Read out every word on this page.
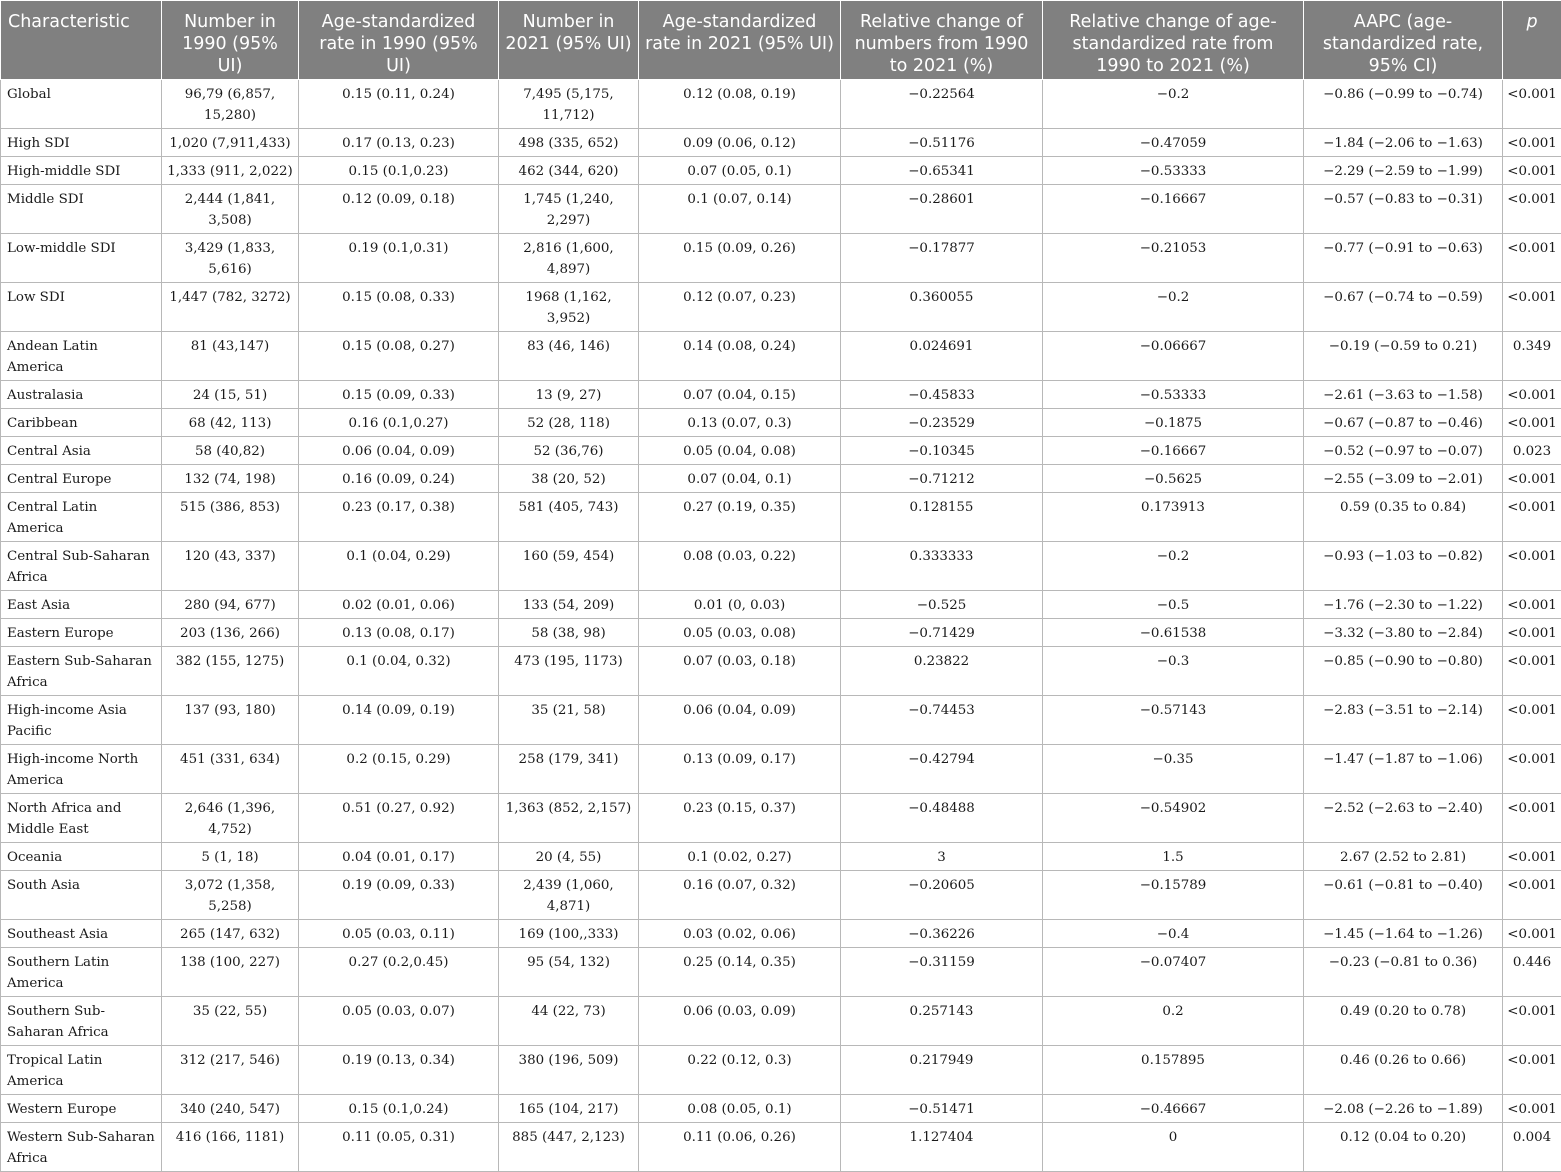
Characteristic	Number in 1990 (95% UI)	Age-standardized rate in 1990 (95% UI)	Number in 2021 (95% UI)	Age-standardized rate in 2021 (95% UI)	Relative change of numbers from 1990 to 2021 (%)	Relative change of age-standardized rate from 1990 to 2021 (%)	AAPC (age-standardized rate, 95% CI)	p
Global	96,79 (6,857, 15,280)	0.15 (0.11, 0.24)	7,495 (5,175, 11,712)	0.12 (0.08, 0.19)	−0.22564	−0.2	−0.86 (−0.99 to −0.74)	<0.001
High SDI	1,020 (7,911,433)	0.17 (0.13, 0.23)	498 (335, 652)	0.09 (0.06, 0.12)	−0.51176	−0.47059	−1.84 (−2.06 to −1.63)	<0.001
High-middle SDI	1,333 (911, 2,022)	0.15 (0.1,0.23)	462 (344, 620)	0.07 (0.05, 0.1)	−0.65341	−0.53333	−2.29 (−2.59 to −1.99)	<0.001
Middle SDI	2,444 (1,841, 3,508)	0.12 (0.09, 0.18)	1,745 (1,240, 2,297)	0.1 (0.07, 0.14)	−0.28601	−0.16667	−0.57 (−0.83 to −0.31)	<0.001
Low-middle SDI	3,429 (1,833, 5,616)	0.19 (0.1,0.31)	2,816 (1,600, 4,897)	0.15 (0.09, 0.26)	−0.17877	−0.21053	−0.77 (−0.91 to −0.63)	<0.001
Low SDI	1,447 (782, 3272)	0.15 (0.08, 0.33)	1968 (1,162, 3,952)	0.12 (0.07, 0.23)	0.360055	−0.2	−0.67 (−0.74 to −0.59)	<0.001
Andean Latin America	81 (43,147)	0.15 (0.08, 0.27)	83 (46, 146)	0.14 (0.08, 0.24)	0.024691	−0.06667	−0.19 (−0.59 to 0.21)	0.349
Australasia	24 (15, 51)	0.15 (0.09, 0.33)	13 (9, 27)	0.07 (0.04, 0.15)	−0.45833	−0.53333	−2.61 (−3.63 to −1.58)	<0.001
Caribbean	68 (42, 113)	0.16 (0.1,0.27)	52 (28, 118)	0.13 (0.07, 0.3)	−0.23529	−0.1875	−0.67 (−0.87 to −0.46)	<0.001
Central Asia	58 (40,82)	0.06 (0.04, 0.09)	52 (36,76)	0.05 (0.04, 0.08)	−0.10345	−0.16667	−0.52 (−0.97 to −0.07)	0.023
Central Europe	132 (74, 198)	0.16 (0.09, 0.24)	38 (20, 52)	0.07 (0.04, 0.1)	−0.71212	−0.5625	−2.55 (−3.09 to −2.01)	<0.001
Central Latin America	515 (386, 853)	0.23 (0.17, 0.38)	581 (405, 743)	0.27 (0.19, 0.35)	0.128155	0.173913	0.59 (0.35 to 0.84)	<0.001
Central Sub-Saharan Africa	120 (43, 337)	0.1 (0.04, 0.29)	160 (59, 454)	0.08 (0.03, 0.22)	0.333333	−0.2	−0.93 (−1.03 to −0.82)	<0.001
East Asia	280 (94, 677)	0.02 (0.01, 0.06)	133 (54, 209)	0.01 (0, 0.03)	−0.525	−0.5	−1.76 (−2.30 to −1.22)	<0.001
Eastern Europe	203 (136, 266)	0.13 (0.08, 0.17)	58 (38, 98)	0.05 (0.03, 0.08)	−0.71429	−0.61538	−3.32 (−3.80 to −2.84)	<0.001
Eastern Sub-Saharan Africa	382 (155, 1275)	0.1 (0.04, 0.32)	473 (195, 1173)	0.07 (0.03, 0.18)	0.23822	−0.3	−0.85 (−0.90 to −0.80)	<0.001
High-income Asia Pacific	137 (93, 180)	0.14 (0.09, 0.19)	35 (21, 58)	0.06 (0.04, 0.09)	−0.74453	−0.57143	−2.83 (−3.51 to −2.14)	<0.001
High-income North America	451 (331, 634)	0.2 (0.15, 0.29)	258 (179, 341)	0.13 (0.09, 0.17)	−0.42794	−0.35	−1.47 (−1.87 to −1.06)	<0.001
North Africa and Middle East	2,646 (1,396, 4,752)	0.51 (0.27, 0.92)	1,363 (852, 2,157)	0.23 (0.15, 0.37)	−0.48488	−0.54902	−2.52 (−2.63 to −2.40)	<0.001
Oceania	5 (1, 18)	0.04 (0.01, 0.17)	20 (4, 55)	0.1 (0.02, 0.27)	3	1.5	2.67 (2.52 to 2.81)	<0.001
South Asia	3,072 (1,358, 5,258)	0.19 (0.09, 0.33)	2,439 (1,060, 4,871)	0.16 (0.07, 0.32)	−0.20605	−0.15789	−0.61 (−0.81 to −0.40)	<0.001
Southeast Asia	265 (147, 632)	0.05 (0.03, 0.11)	169 (100,,333)	0.03 (0.02, 0.06)	−0.36226	−0.4	−1.45 (−1.64 to −1.26)	<0.001
Southern Latin America	138 (100, 227)	0.27 (0.2,0.45)	95 (54, 132)	0.25 (0.14, 0.35)	−0.31159	−0.07407	−0.23 (−0.81 to 0.36)	0.446
Southern Sub-Saharan Africa	35 (22, 55)	0.05 (0.03, 0.07)	44 (22, 73)	0.06 (0.03, 0.09)	0.257143	0.2	0.49 (0.20 to 0.78)	<0.001
Tropical Latin America	312 (217, 546)	0.19 (0.13, 0.34)	380 (196, 509)	0.22 (0.12, 0.3)	0.217949	0.157895	0.46 (0.26 to 0.66)	<0.001
Western Europe	340 (240, 547)	0.15 (0.1,0.24)	165 (104, 217)	0.08 (0.05, 0.1)	−0.51471	−0.46667	−2.08 (−2.26 to −1.89)	<0.001
Western Sub-Saharan Africa	416 (166, 1181)	0.11 (0.05, 0.31)	885 (447, 2,123)	0.11 (0.06, 0.26)	1.127404	0	0.12 (0.04 to 0.20)	0.004
